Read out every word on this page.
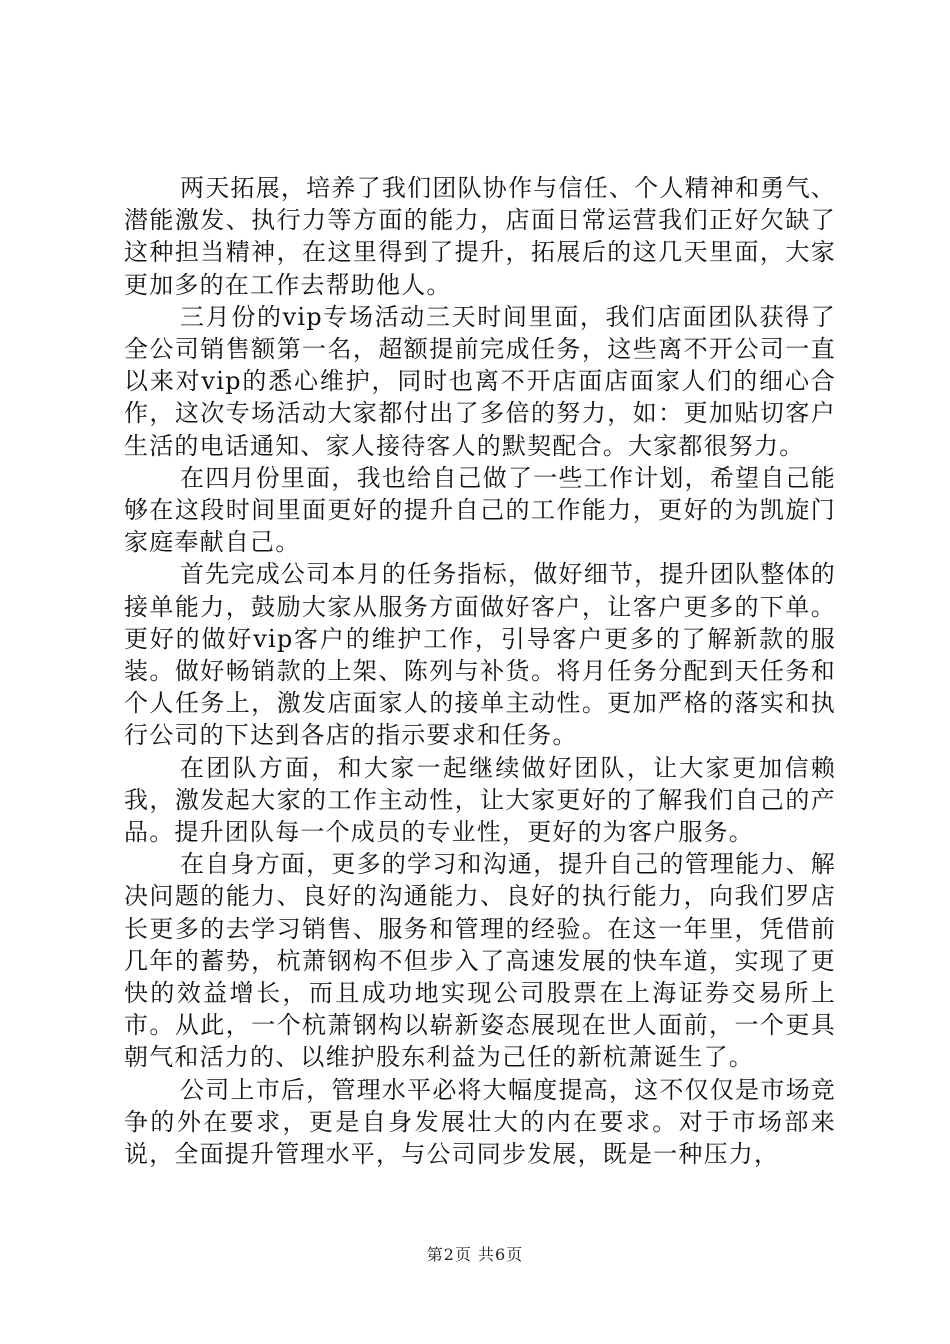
两天拓展，培养了我们团队协作与信任、个人精神和勇气、潜能激发、执行力等方面的能力，店面日常运营我们正好欠缺了这种担当精神，在这里得到了提升，拓展后的这几天里面，大家更加多的在工作去帮助他人。

三月份的vip专场活动三天时间里面，我们店面团队获得了全公司销售额第一名，超额提前完成任务，这些离不开公司一直以来对vip的悉心维护，同时也离不开店面店面家人们的细心合作，这次专场活动大家都付出了多倍的努力，如：更加贴切客户生活的电话通知、家人接待客人的默契配合。大家都很努力。

在四月份里面，我也给自己做了一些工作计划，希望自己能够在这段时间里面更好的提升自己的工作能力，更好的为凯旋门家庭奉献自己。

首先完成公司本月的任务指标，做好细节，提升团队整体的接单能力，鼓励大家从服务方面做好客户，让客户更多的下单。更好的做好vip客户的维护工作，引导客户更多的了解新款的服装。做好畅销款的上架、陈列与补货。将月任务分配到天任务和个人任务上，激发店面家人的接单主动性。更加严格的落实和执行公司的下达到各店的指示要求和任务。

在团队方面，和大家一起继续做好团队，让大家更加信赖我，激发起大家的工作主动性，让大家更好的了解我们自己的产品。提升团队每一个成员的专业性，更好的为客户服务。

在自身方面，更多的学习和沟通，提升自己的管理能力、解决问题的能力、良好的沟通能力、良好的执行能力，向我们罗店长更多的去学习销售、服务和管理的经验。在这一年里，凭借前几年的蓄势，杭萧钢构不但步入了高速发展的快车道，实现了更快的效益增长，而且成功地实现公司股票在上海证券交易所上市。从此，一个杭萧钢构以崭新姿态展现在世人面前，一个更具朝气和活力的、以维护股东利益为己任的新杭萧诞生了。

公司上市后，管理水平必将大幅度提高，这不仅仅是市场竞争的外在要求，更是自身发展壮大的内在要求。对于市场部来说，全面提升管理水平，与公司同步发展，既是一种压力，

第2页 共6页
